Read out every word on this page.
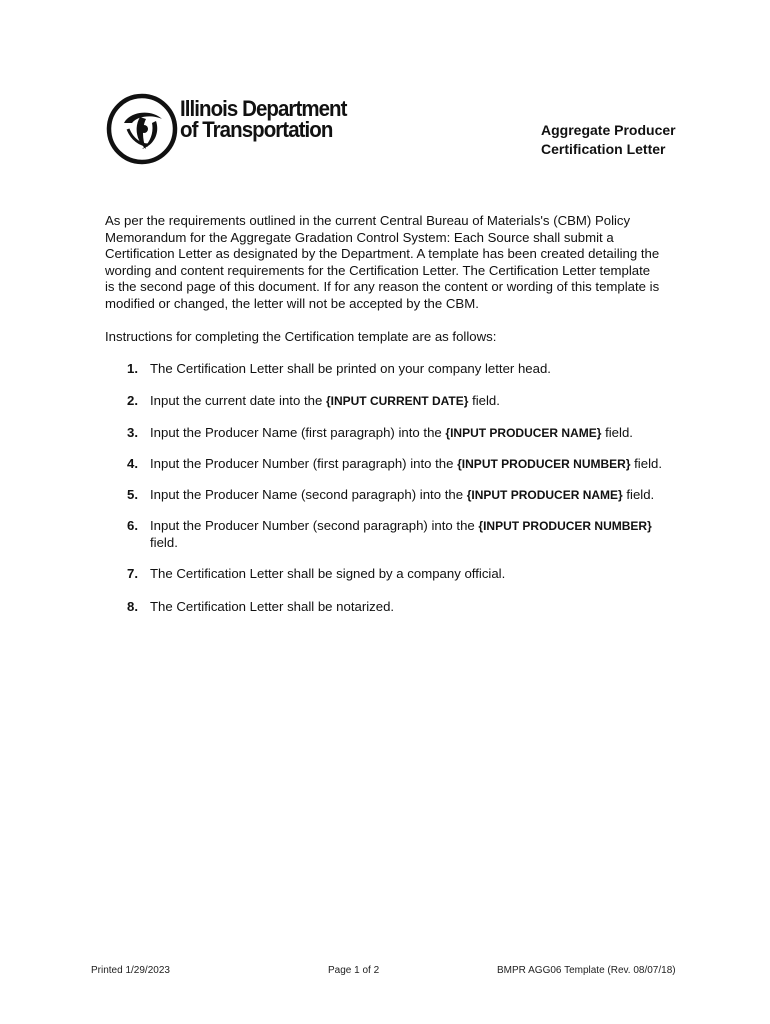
Illinois Department
of Transportation	Aggregate Producer
Certification Letter

As per the requirements outlined in the current Central Bureau of Materials's (CBM) Policy
Memorandum for the Aggregate Gradation Control System: Each Source shall submit a
Certification Letter as designated by the Department. A template has been created detailing the
wording and content requirements for the Certification Letter. The Certification Letter template
is the second page of this document. If for any reason the content or wording of this template is
modified or changed, the letter will not be accepted by the CBM.

Instructions for completing the Certification template are as follows:

1. The Certification Letter shall be printed on your company letter head.
2. Input the current date into the {INPUT CURRENT DATE} field.
3. Input the Producer Name (first paragraph) into the {INPUT PRODUCER NAME} field.
4. Input the Producer Number (first paragraph) into the {INPUT PRODUCER NUMBER} field.
5. Input the Producer Name (second paragraph) into the {INPUT PRODUCER NAME} field.
6. Input the Producer Number (second paragraph) into the {INPUT PRODUCER NUMBER}
field.
7. The Certification Letter shall be signed by a company official.
8. The Certification Letter shall be notarized.
Printed 1/29/2023	Page 1 of 2	BMPR AGG06 Template (Rev. 08/07/18)
